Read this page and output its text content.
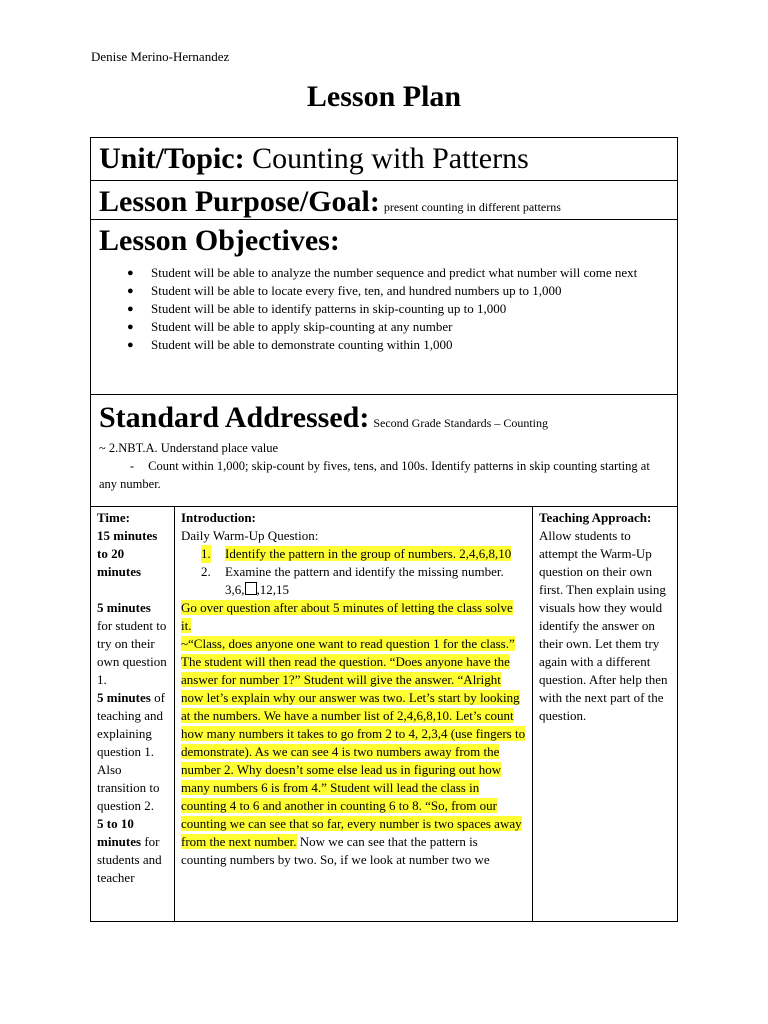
Denise Merino-Hernandez
Lesson Plan
Unit/Topic: Counting with Patterns
Lesson Purpose/Goal: present counting in different patterns
Lesson Objectives:
● Student will be able to analyze the number sequence and predict what number will come next
● Student will be able to locate every five, ten, and hundred numbers up to 1,000
● Student will be able to identify patterns in skip-counting up to 1,000
● Student will be able to apply skip-counting at any number
● Student will be able to demonstrate counting within 1,000
Standard Addressed: Second Grade Standards – Counting
~ 2.NBT.A. Understand place value
- Count within 1,000; skip-count by fives, tens, and 100s. Identify patterns in skip counting starting at any number.
Time:
15 minutes to 20 minutes
5 minutes for student to try on their own question 1.
5 minutes of teaching and explaining question 1. Also transition to question 2.
5 to 10 minutes for students and teacher
Introduction:
Daily Warm-Up Question:
1. Identify the pattern in the group of numbers. 2,4,6,8,10
2. Examine the pattern and identify the missing number. 3,6, ,12,15
Go over question after about 5 minutes of letting the class solve it.
~“Class, does anyone one want to read question 1 for the class.” The student will then read the question. “Does anyone have the answer for number 1?” Student will give the answer. “Alright now let’s explain why our answer was two. Let’s start by looking at the numbers. We have a number list of 2,4,6,8,10. Let’s count how many numbers it takes to go from 2 to 4, 2,3,4 (use fingers to demonstrate). As we can see 4 is two numbers away from the number 2. Why doesn’t some else lead us in figuring out how many numbers 6 is from 4.” Student will lead the class in counting 4 to 6 and another in counting 6 to 8. “So, from our counting we can see that so far, every number is two spaces away from the next number. Now we can see that the pattern is counting numbers by two. So, if we look at number two we
Teaching Approach:
Allow students to attempt the Warm-Up question on their own first. Then explain using visuals how they would identify the answer on their own. Let them try again with a different question. After help then with the next part of the question.
